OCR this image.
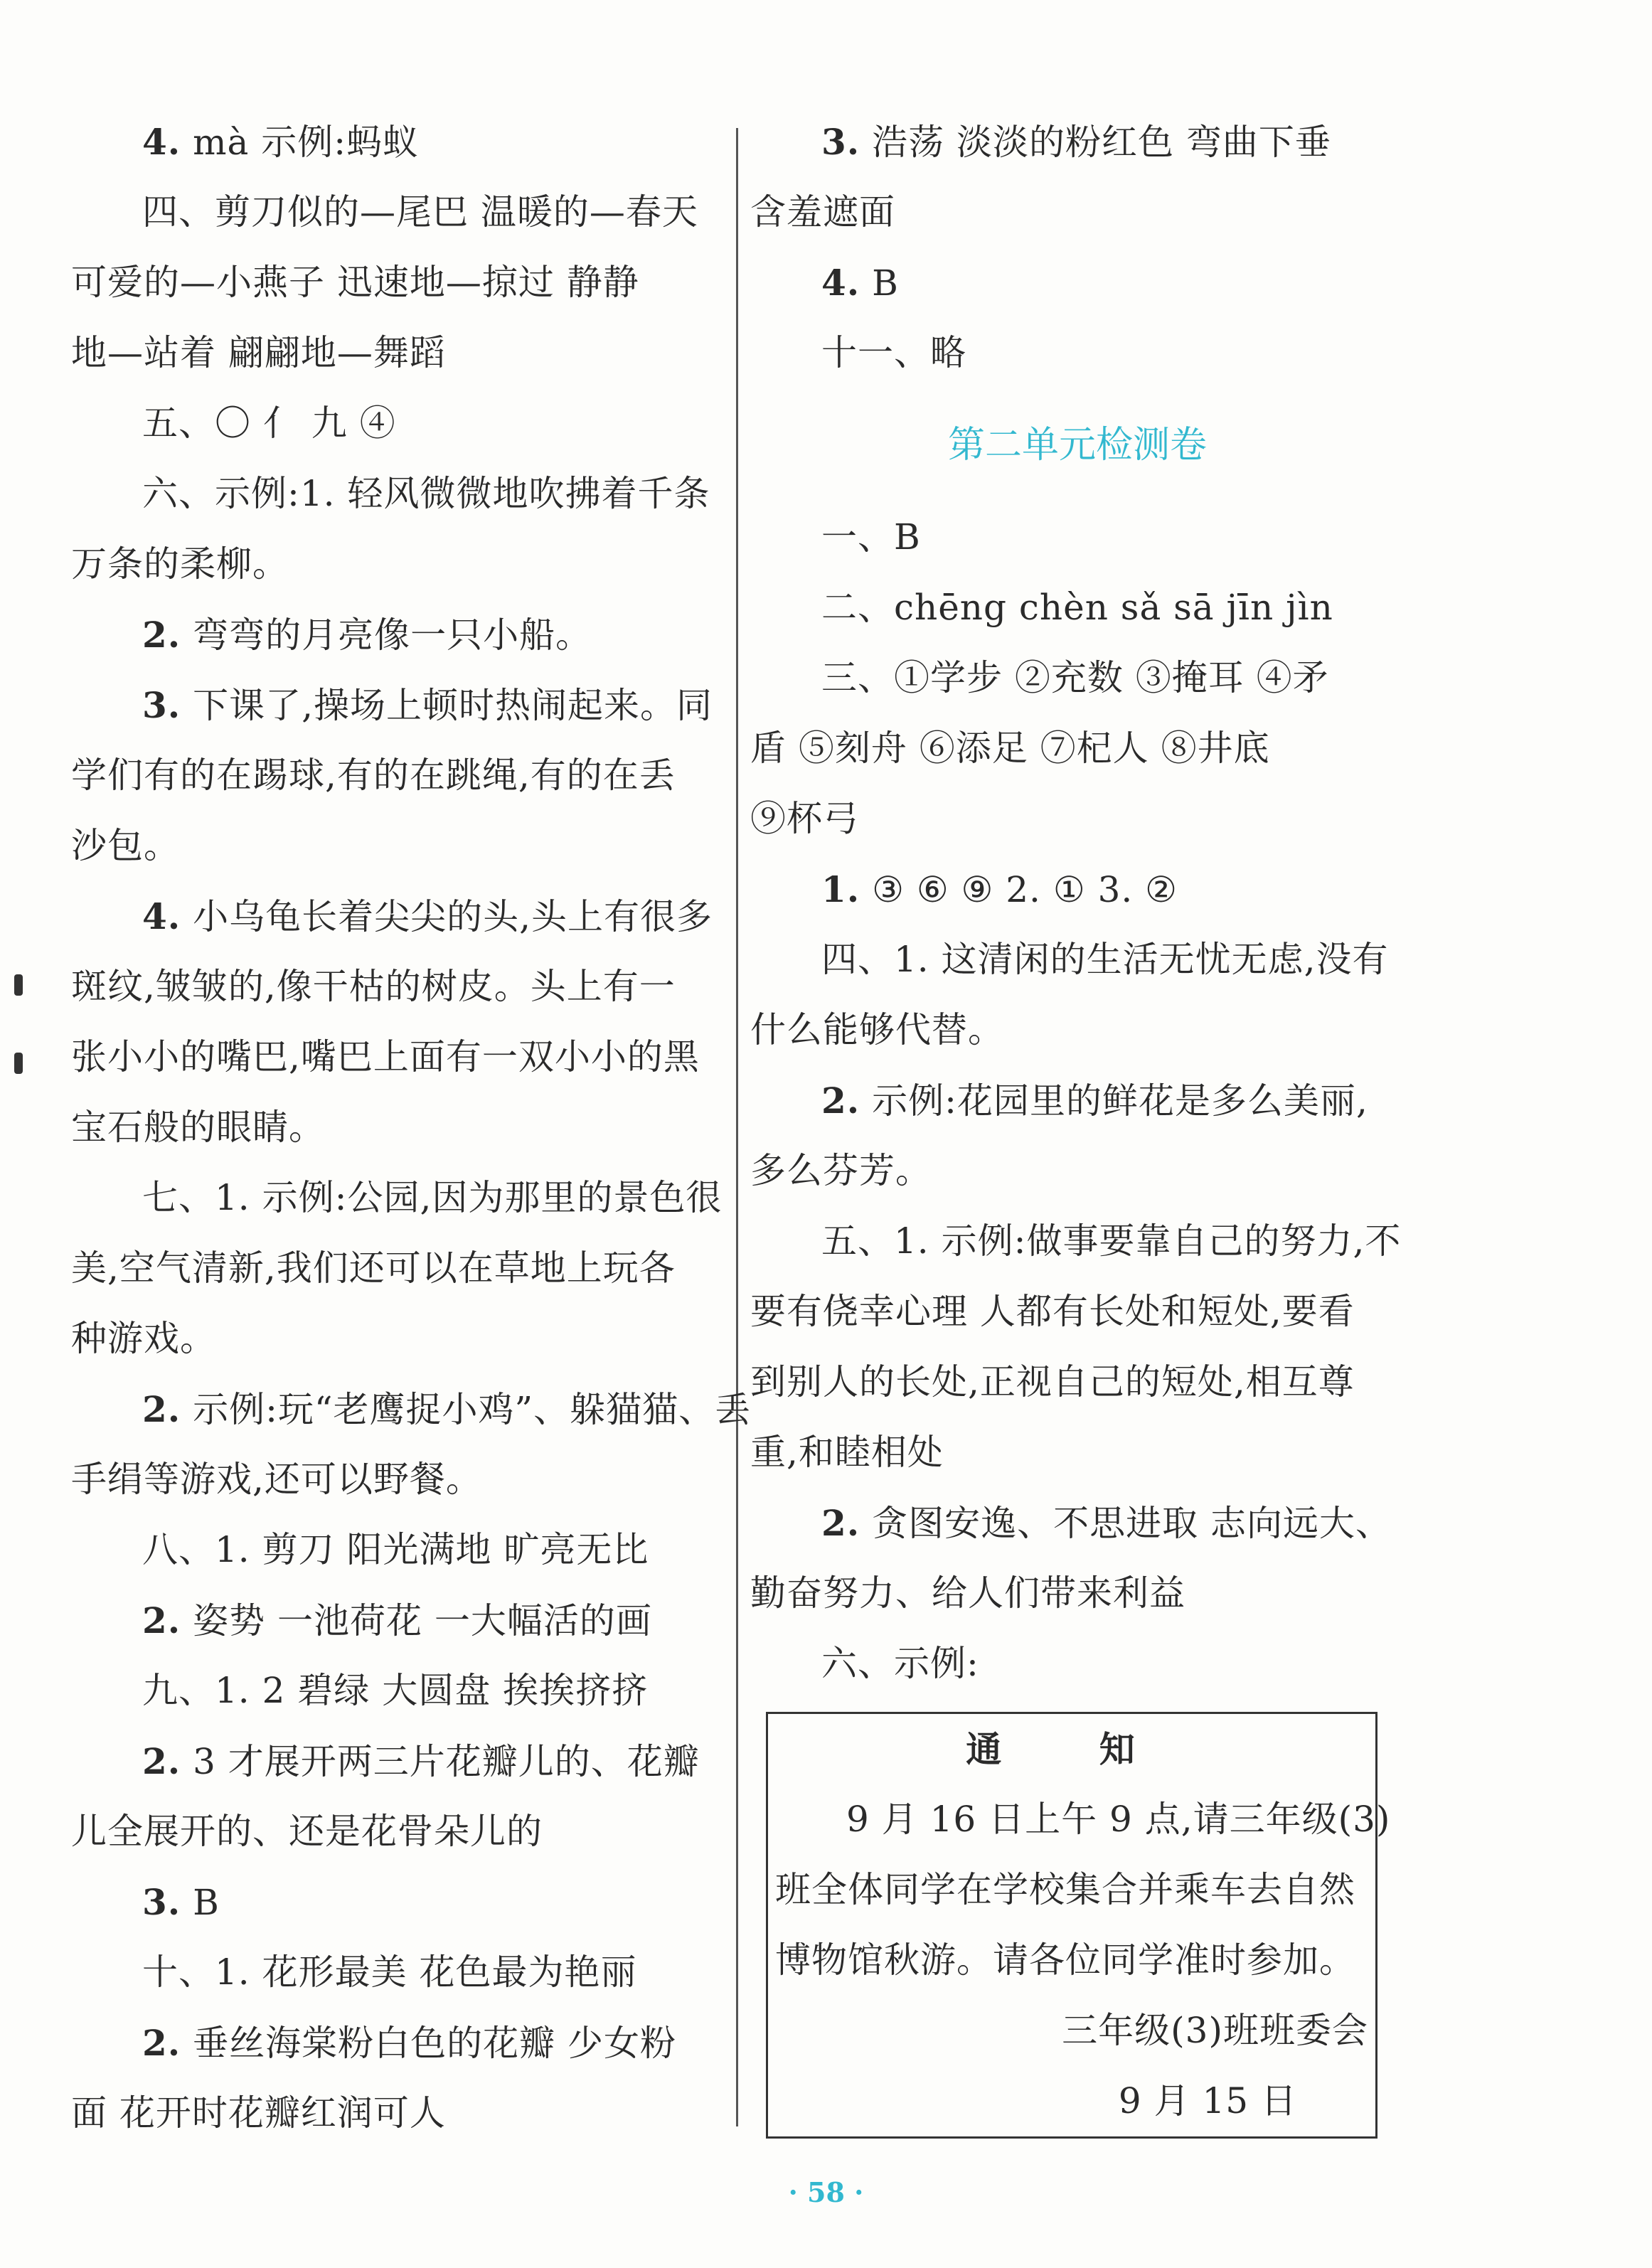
4. mà 示例:蚂蚁
四、剪刀似的—尾巴 温暖的—春天
可爱的—小燕子 迅速地—掠过 静静
地—站着 翩翩地—舞蹈
五、〇 亻 九 ④
六、示例:1. 轻风微微地吹拂着千条
万条的柔柳。
2. 弯弯的月亮像一只小船。
3. 下课了,操场上顿时热闹起来。同
学们有的在踢球,有的在跳绳,有的在丢
沙包。
4. 小乌龟长着尖尖的头,头上有很多
斑纹,皱皱的,像干枯的树皮。头上有一
张小小的嘴巴,嘴巴上面有一双小小的黑
宝石般的眼睛。
七、1. 示例:公园,因为那里的景色很
美,空气清新,我们还可以在草地上玩各
种游戏。
2. 示例:玩“老鹰捉小鸡”、躲猫猫、丢
手绢等游戏,还可以野餐。
八、1. 剪刀 阳光满地 旷亮无比
2. 姿势 一池荷花 一大幅活的画
九、1. 2 碧绿 大圆盘 挨挨挤挤
2. 3 才展开两三片花瓣儿的、花瓣
儿全展开的、还是花骨朵儿的
3. B
十、1. 花形最美 花色最为艳丽
2. 垂丝海棠粉白色的花瓣 少女粉
面 花开时花瓣红润可人
3. 浩荡 淡淡的粉红色 弯曲下垂
含羞遮面
4. B
十一、略
第二单元检测卷
一、B
二、chēng chèn sǎ sā jīn jìn
三、①学步 ②充数 ③掩耳 ④矛
盾 ⑤刻舟 ⑥添足 ⑦杞人 ⑧井底
⑨杯弓
1. ③ ⑥ ⑨ 2. ① 3. ②
四、1. 这清闲的生活无忧无虑,没有
什么能够代替。
2. 示例:花园里的鲜花是多么美丽,
多么芬芳。
五、1. 示例:做事要靠自己的努力,不
要有侥幸心理 人都有长处和短处,要看
到别人的长处,正视自己的短处,相互尊
重,和睦相处
2. 贪图安逸、不思进取 志向远大、
勤奋努力、给人们带来利益
六、示例:
通 知
9 月 16 日上午 9 点,请三年级(3)
班全体同学在学校集合并乘车去自然
博物馆秋游。请各位同学准时参加。
三年级(3)班班委会
9 月 15 日
· 58 ·
